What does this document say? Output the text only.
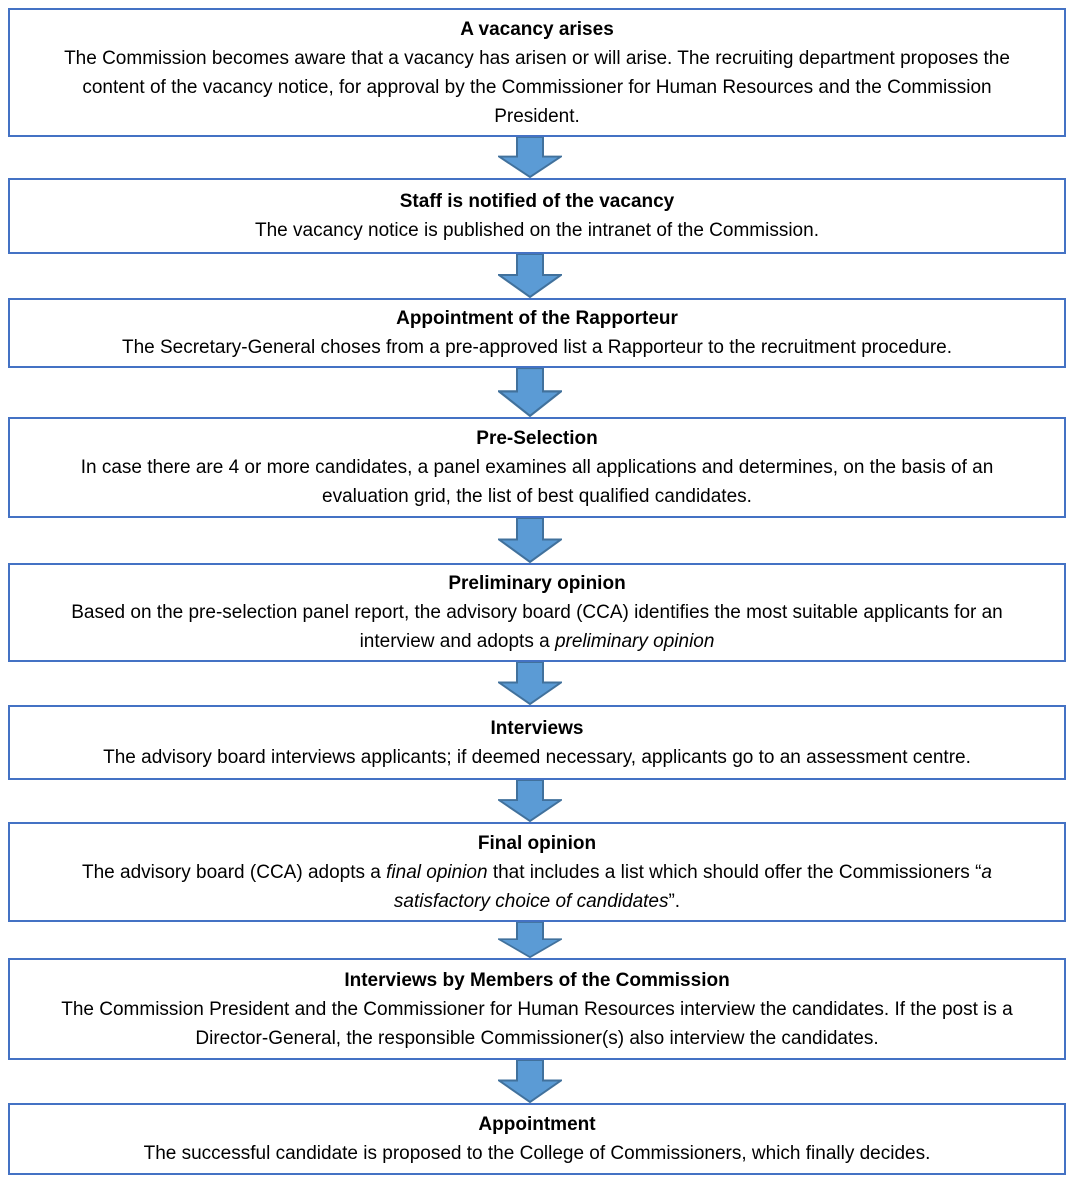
A vacancy arises

The Commission becomes aware that a vacancy has arisen or will arise. The recruiting department proposes the content of the vacancy notice, for approval by the Commissioner for Human Resources and the Commission President.

Staff is notified of the vacancy

The vacancy notice is published on the intranet of the Commission.

Appointment of the Rapporteur

The Secretary-General choses from a pre-approved list a Rapporteur to the recruitment procedure.

Pre-Selection

In case there are 4 or more candidates, a panel examines all applications and determines, on the basis of an evaluation grid, the list of best qualified candidates.

Preliminary opinion

Based on the pre-selection panel report, the advisory board (CCA) identifies the most suitable applicants for an interview and adopts a preliminary opinion

Interviews

The advisory board interviews applicants; if deemed necessary, applicants go to an assessment centre.

Final opinion

The advisory board (CCA) adopts a final opinion that includes a list which should offer the Commissioners “a satisfactory choice of candidates”.

Interviews by Members of the Commission

The Commission President and the Commissioner for Human Resources interview the candidates. If the post is a Director-General, the responsible Commissioner(s) also interview the candidates.

Appointment

The successful candidate is proposed to the College of Commissioners, which finally decides.
